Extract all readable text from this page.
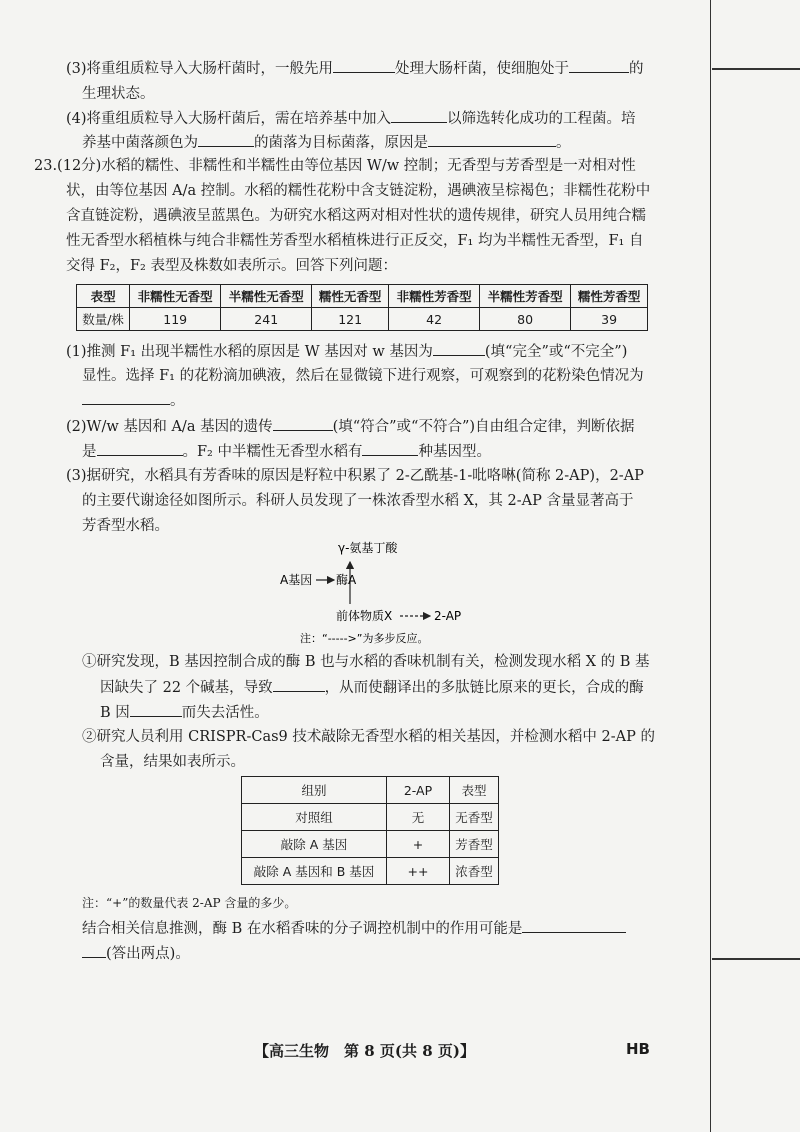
(3)将重组质粒导入大肠杆菌时，一般先用	处理大肠杆菌，使细胞处于	的
生理状态。
(4)将重组质粒导入大肠杆菌后，需在培养基中加入	以筛选转化成功的工程菌。培
养基中菌落颜色为	的菌落为目标菌落，原因是	。
23.(12分)水稻的糯性、非糯性和半糯性由等位基因 W/w 控制；无香型与芳香型是一对相对性
状，由等位基因 A/a 控制。水稻的糯性花粉中含支链淀粉，遇碘液呈棕褐色；非糯性花粉中
含直链淀粉，遇碘液呈蓝黑色。为研究水稻这两对相对性状的遗传规律，研究人员用纯合糯
性无香型水稻植株与纯合非糯性芳香型水稻植株进行正反交，F₁ 均为半糯性无香型，F₁ 自
交得 F₂，F₂ 表型及株数如表所示。回答下列问题：
表型	非糯性无香型	半糯性无香型	糯性无香型	非糯性芳香型	半糯性芳香型	糯性芳香型
数量/株	119	241	121	42	80	39
(1)推测 F₁ 出现半糯性水稻的原因是 W 基因对 w 基因为	(填“完全”或“不完全”)
显性。选择 F₁ 的花粉滴加碘液，然后在显微镜下进行观察，可观察到的花粉染色情况为
。
(2)W/w 基因和 A/a 基因的遗传	(填“符合”或“不符合”)自由组合定律，判断依据
是	。F₂ 中半糯性无香型水稻有	种基因型。
(3)据研究，水稻具有芳香味的原因是籽粒中积累了 2-乙酰基-1-吡咯啉(简称 2-AP)，2-AP
的主要代谢途径如图所示。科研人员发现了一株浓香型水稻 X，其 2-AP 含量显著高于
芳香型水稻。
γ-氨基丁酸
A基因 酶A
前体物质X	2-AP
注：“----->”为多步反应。
①研究发现，B 基因控制合成的酶 B 也与水稻的香味机制有关，检测发现水稻 X 的 B 基
因缺失了 22 个碱基，导致	，从而使翻译出的多肽链比原来的更长，合成的酶
B 因	而失去活性。
②研究人员利用 CRISPR-Cas9 技术敲除无香型水稻的相关基因，并检测水稻中 2-AP 的
含量，结果如表所示。
组别	2-AP	表型
对照组	无	无香型
敲除 A 基因	+	芳香型
敲除 A 基因和 B 基因	++	浓香型
注：“+”的数量代表 2-AP 含量的多少。
结合相关信息推测，酶 B 在水稻香味的分子调控机制中的作用可能是
(答出两点)。
【高三生物　第 8 页(共 8 页)】	HB
